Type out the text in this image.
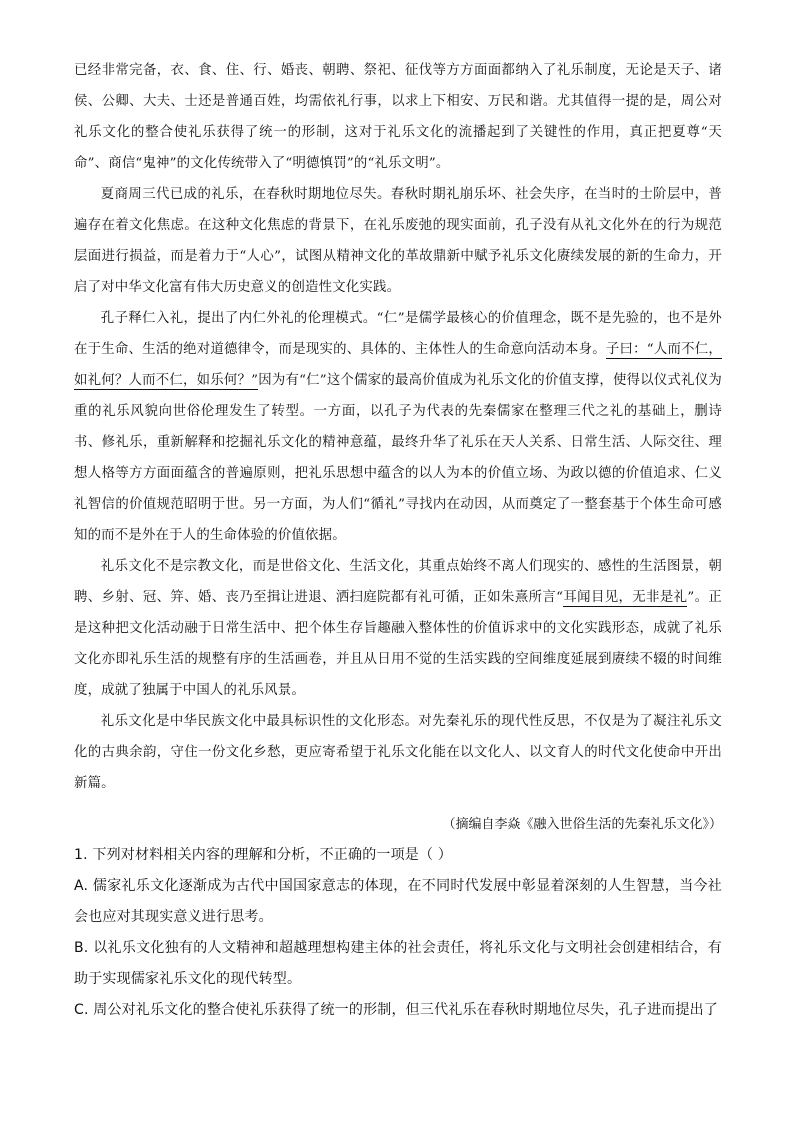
已经非常完备，衣、食、住、行、婚丧、朝聘、祭祀、征伐等方方面面都纳入了礼乐制度，无论是天子、诸侯、公卿、大夫、士还是普通百姓，均需依礼行事，以求上下相安、万民和谐。尤其值得一提的是，周公对礼乐文化的整合使礼乐获得了统一的形制，这对于礼乐文化的流播起到了关键性的作用，真正把夏尊“天命”、商信“鬼神”的文化传统带入了“明德慎罚”的“礼乐文明”。

夏商周三代已成的礼乐，在春秋时期地位尽失。春秋时期礼崩乐坏、社会失序，在当时的士阶层中，普遍存在着文化焦虑。在这种文化焦虑的背景下，在礼乐废弛的现实面前，孔子没有从礼文化外在的行为规范层面进行损益，而是着力于“人心”，试图从精神文化的革故鼎新中赋予礼乐文化赓续发展的新的生命力，开启了对中华文化富有伟大历史意义的创造性文化实践。

孔子释仁入礼，提出了内仁外礼的伦理模式。“仁”是儒学最核心的价值理念，既不是先验的，也不是外在于生命、生活的绝对道德律令，而是现实的、具体的、主体性人的生命意向活动本身。子曰：“人而不仁，如礼何？人而不仁，如乐何？”因为有“仁”这个儒家的最高价值成为礼乐文化的价值支撑，使得以仪式礼仪为重的礼乐风貌向世俗伦理发生了转型。一方面，以孔子为代表的先秦儒家在整理三代之礼的基础上，删诗书、修礼乐，重新解释和挖掘礼乐文化的精神意蕴，最终升华了礼乐在天人关系、日常生活、人际交往、理想人格等方方面面蕴含的普遍原则，把礼乐思想中蕴含的以人为本的价值立场、为政以德的价值追求、仁义礼智信的价值规范昭明于世。另一方面，为人们“循礼”寻找内在动因，从而奠定了一整套基于个体生命可感知的而不是外在于人的生命体验的价值依据。

礼乐文化不是宗教文化，而是世俗文化、生活文化，其重点始终不离人们现实的、感性的生活图景，朝聘、乡射、冠、笄、婚、丧乃至揖让进退、洒扫庭院都有礼可循，正如朱熹所言“耳闻目见，无非是礼”。正是这种把文化活动融于日常生活中、把个体生存旨趣融入整体性的价值诉求中的文化实践形态，成就了礼乐文化亦即礼乐生活的规整有序的生活画卷，并且从日用不觉的生活实践的空间维度延展到赓续不辍的时间维度，成就了独属于中国人的礼乐风景。

礼乐文化是中华民族文化中最具标识性的文化形态。对先秦礼乐的现代性反思，不仅是为了凝注礼乐文化的古典余韵，守住一份文化乡愁，更应寄希望于礼乐文化能在以文化人、以文育人的时代文化使命中开出新篇。

（摘编自李焱《融入世俗生活的先秦礼乐文化》）

1. 下列对材料相关内容的理解和分析，不正确的一项是（ ）

A. 儒家礼乐文化逐渐成为古代中国国家意志的体现，在不同时代发展中彰显着深刻的人生智慧，当今社会也应对其现实意义进行思考。

B. 以礼乐文化独有的人文精神和超越理想构建主体的社会责任，将礼乐文化与文明社会创建相结合，有助于实现儒家礼乐文化的现代转型。

C. 周公对礼乐文化的整合使礼乐获得了统一的形制，但三代礼乐在春秋时期地位尽失，孔子进而提出了
